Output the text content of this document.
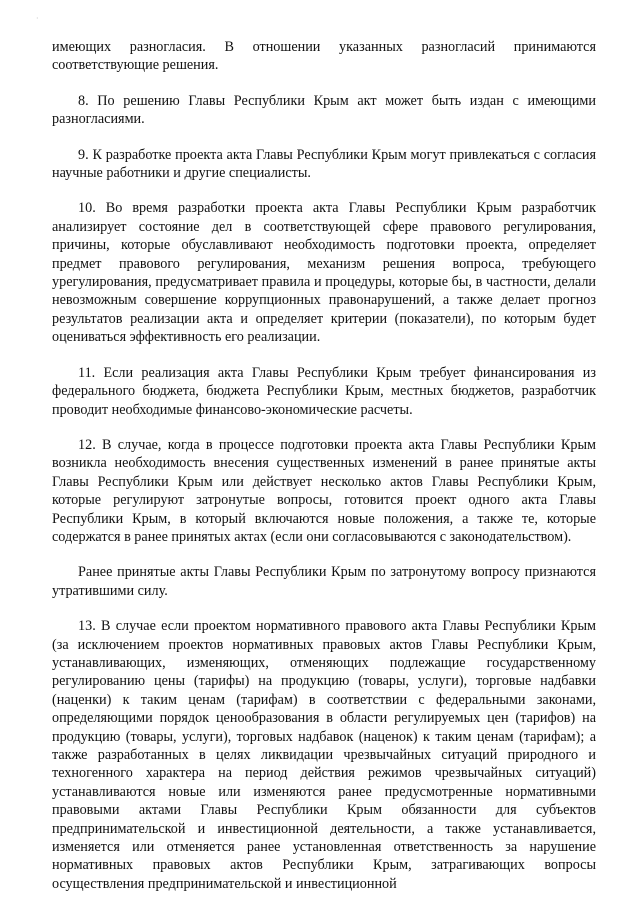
·

имеющих разногласия. В отношении указанных разногласий принимаются соответствующие решения.

8. По решению Главы Республики Крым акт может быть издан с имеющими разногласиями.

9. К разработке проекта акта Главы Республики Крым могут привлекаться с согласия научные работники и другие специалисты.

10. Во время разработки проекта акта Главы Республики Крым разработчик анализирует состояние дел в соответствующей сфере правового регулирования, причины, которые обуславливают необходимость подготовки проекта, определяет предмет правового регулирования, механизм решения вопроса, требующего урегулирования, предусматривает правила и процедуры, которые бы, в частности, делали невозможным совершение коррупционных правонарушений, а также делает прогноз результатов реализации акта и определяет критерии (показатели), по которым будет оцениваться эффективность его реализации.

11. Если реализация акта Главы Республики Крым требует финансирования из федерального бюджета, бюджета Республики Крым, местных бюджетов, разработчик проводит необходимые финансово-экономические расчеты.

12. В случае, когда в процессе подготовки проекта акта Главы Республики Крым возникла необходимость внесения существенных изменений в ранее принятые акты Главы Республики Крым или действует несколько актов Главы Республики Крым, которые регулируют затронутые вопросы, готовится проект одного акта Главы Республики Крым, в который включаются новые положения, а также те, которые содержатся в ранее принятых актах (если они согласовываются с законодательством).

Ранее принятые акты Главы Республики Крым по затронутому вопросу признаются утратившими силу.

13. В случае если проектом нормативного правового акта Главы Республики Крым (за исключением проектов нормативных правовых актов Главы Республики Крым, устанавливающих, изменяющих, отменяющих подлежащие государственному регулированию цены (тарифы) на продукцию (товары, услуги), торговые надбавки (наценки) к таким ценам (тарифам) в соответствии с федеральными законами, определяющими порядок ценообразования в области регулируемых цен (тарифов) на продукцию (товары, услуги), торговых надбавок (наценок) к таким ценам (тарифам); а также разработанных в целях ликвидации чрезвычайных ситуаций природного и техногенного характера на период действия режимов чрезвычайных ситуаций) устанавливаются новые или изменяются ранее предусмотренные нормативными правовыми актами Главы Республики Крым обязанности для субъектов предпринимательской и инвестиционной деятельности, а также устанавливается, изменяется или отменяется ранее установленная ответственность за нарушение нормативных правовых актов Республики Крым, затрагивающих вопросы осуществления предпринимательской и инвестиционной
